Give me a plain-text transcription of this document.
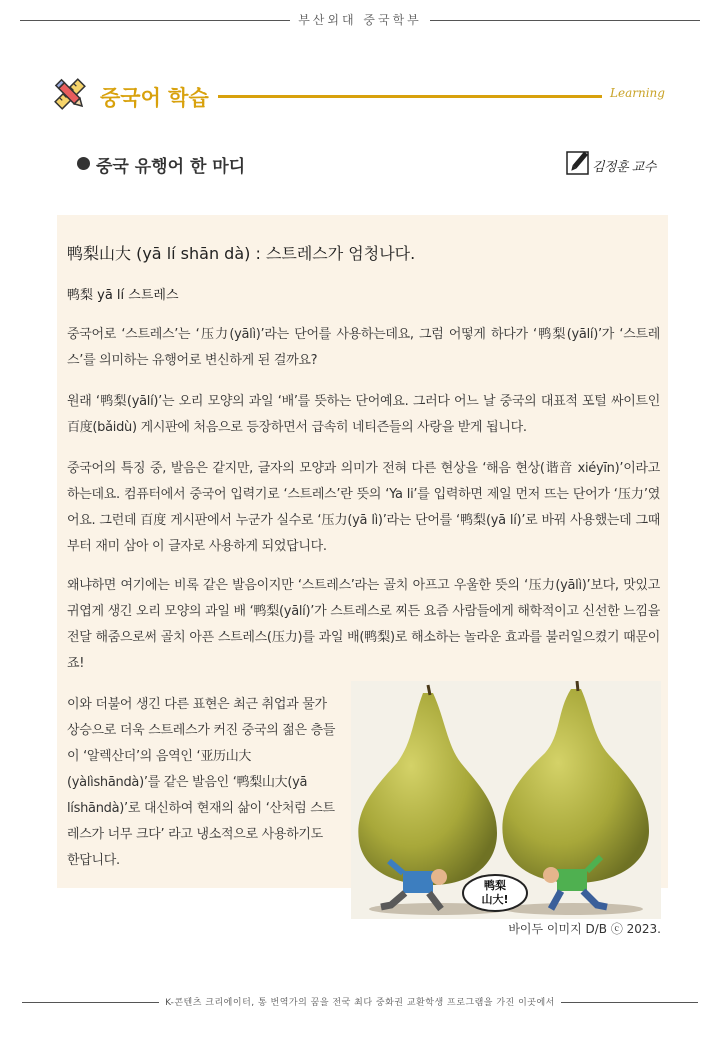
부산외대 중국학부
중국어 학습	Learning
중국 유행어 한 마디	김정훈 교수
鸭梨山大 (yā lí shān dà) : 스트레스가 엄청나다.
鸭梨 yā lí 스트레스
중국어로 ‘스트레스’는 ‘压力(yālì)’라는 단어를 사용하는데요, 그럼 어떻게 하다가 ‘鸭梨(yālí)’가 ‘스트레스’를 의미하는 유행어로 변신하게 된 걸까요?
원래 ‘鸭梨(yālí)’는 오리 모양의 과일 ‘배’를 뜻하는 단어예요. 그러다 어느 날 중국의 대표적 포털 싸이트인 百度(bǎidù) 게시판에 처음으로 등장하면서 급속히 네티즌들의 사랑을 받게 됩니다.
중국어의 특징 중, 발음은 같지만, 글자의 모양과 의미가 전혀 다른 현상을 ‘해음 현상(谐音 xiéyīn)’이라고 하는데요. 컴퓨터에서 중국어 입력기로 ‘스트레스’란 뜻의 ‘Ya li’를 입력하면 제일 먼저 뜨는 단어가 ‘压力’였어요. 그런데 百度 게시판에서 누군가 실수로 ‘压力(yā lì)’라는 단어를 ‘鸭梨(yā lí)’로 바꿔 사용했는데 그때부터 재미 삼아 이 글자로 사용하게 되었답니다.
왜냐하면 여기에는 비록 같은 발음이지만 ‘스트레스’라는 골치 아프고 우울한 뜻의 ‘压力(yālì)’보다, 맛있고 귀엽게 생긴 오리 모양의 과일 배 ‘鸭梨(yālí)’가 스트레스로 찌든 요즘 사람들에게 해학적이고 신선한 느낌을 전달 해줌으로써 골치 아픈 스트레스(压力)를 과일 배(鸭梨)로 해소하는 놀라운 효과를 불러일으켰기 때문이죠!
이와 더불어 생긴 다른 표현은 최근 취업과 물가 상승으로 더욱 스트레스가 커진 중국의 젊은 층들이 ‘알렉산더’의 음역인 ‘亚历山大(yàlìshāndà)’를 같은 발음인 ‘鸭梨山大(yā líshāndà)’로 대신하여 현재의 삶이 ‘산처럼 스트레스가 너무 크다’ 라고 냉소적으로 사용하기도 한답니다.
鸭梨
山大!
바이두 이미지 D/B ⓒ 2023.
K-콘텐츠 크리에이터, 통 번역가의 꿈을 전국 최다 중화권 교환학생 프로그램을 가진 이곳에서
